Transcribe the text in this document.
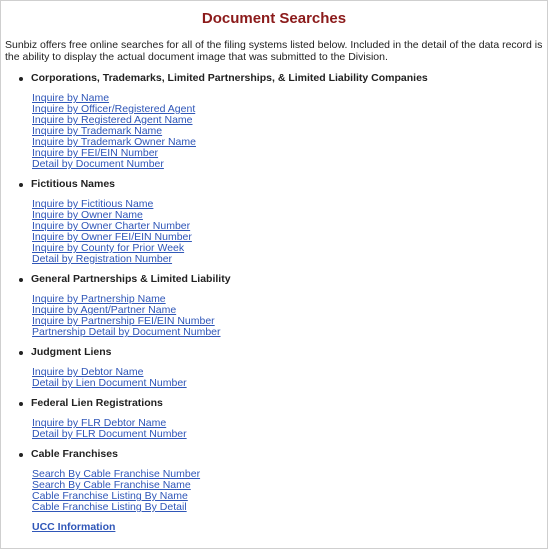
Document Searches
Sunbiz offers free online searches for all of the filing systems listed below. Included in the detail of the data record is the ability to display the actual document image that was submitted to the Division.
Corporations, Trademarks, Limited Partnerships, & Limited Liability Companies
Inquire by Name
Inquire by Officer/Registered Agent
Inquire by Registered Agent Name
Inquire by Trademark Name
Inquire by Trademark Owner Name
Inquire by FEI/EIN Number
Detail by Document Number
Fictitious Names
Inquire by Fictitious Name
Inquire by Owner Name
Inquire by Owner Charter Number
Inquire by Owner FEI/EIN Number
Inquire by County for Prior Week
Detail by Registration Number
General Partnerships & Limited Liability
Inquire by Partnership Name
Inquire by Agent/Partner Name
Inquire by Partnership FEI/EIN Number
Partnership Detail by Document Number
Judgment Liens
Inquire by Debtor Name
Detail by Lien Document Number
Federal Lien Registrations
Inquire by FLR Debtor Name
Detail by FLR Document Number
Cable Franchises
Search By Cable Franchise Number
Search By Cable Franchise Name
Cable Franchise Listing By Name
Cable Franchise Listing By Detail
UCC Information
